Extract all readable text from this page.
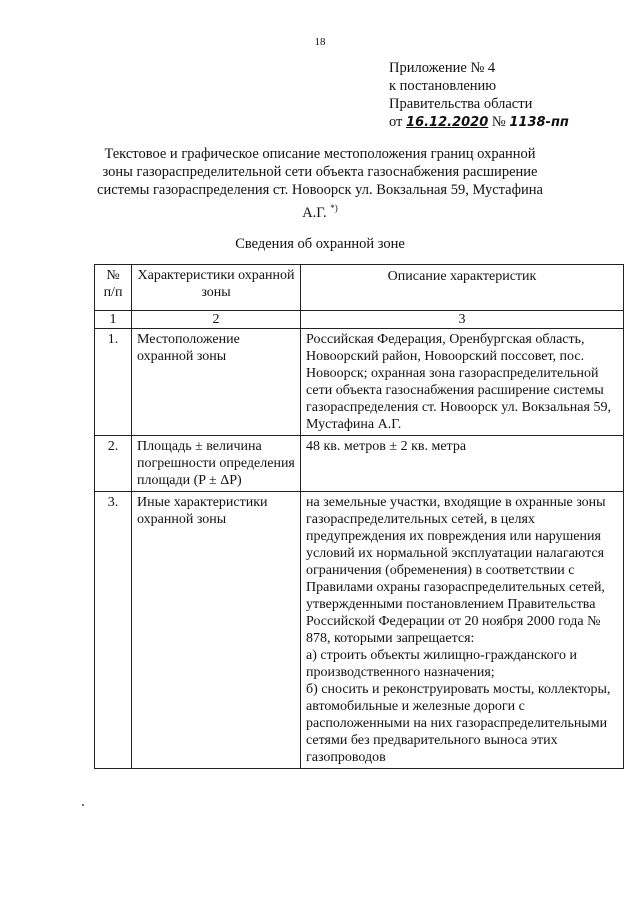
18
Приложение № 4
к постановлению
Правительства области
от 16.12.2020 № 1138-пп
Текстовое и графическое описание местоположения границ охранной зоны газораспределительной сети объекта газоснабжения расширение системы газораспределения ст. Новоорск ул. Вокзальная 59, Мустафина А.Г. *)
Сведения об охранной зоне
№ п/п	Характеристики охранной зоны	Описание характеристик
1	2	3
1.	Местоположение охранной зоны	Российская Федерация, Оренбургская область, Новоорский район, Новоорский поссовет, пос. Новоорск; охранная зона газораспределительной сети объекта газоснабжения расширение системы газораспределения ст. Новоорск ул. Вокзальная 59, Мустафина А.Г.
2.	Площадь ± величина погрешности определения площади (P ± ΔP)	48 кв. метров ± 2 кв. метра
3.	Иные характеристики охранной зоны	на земельные участки, входящие в охранные зоны газораспределительных сетей, в целях предупреждения их повреждения или нарушения условий их нормальной эксплуатации налагаются ограничения (обременения) в соответствии с Правилами охраны газораспределительных сетей, утвержденными постановлением Правительства Российской Федерации от 20 ноября 2000 года № 878, которыми запрещается:
а) строить объекты жилищно-гражданского и производственного назначения;
б) сносить и реконструировать мосты, коллекторы, автомобильные и железные дороги с расположенными на них газораспределительными сетями без предварительного выноса этих газопроводов
